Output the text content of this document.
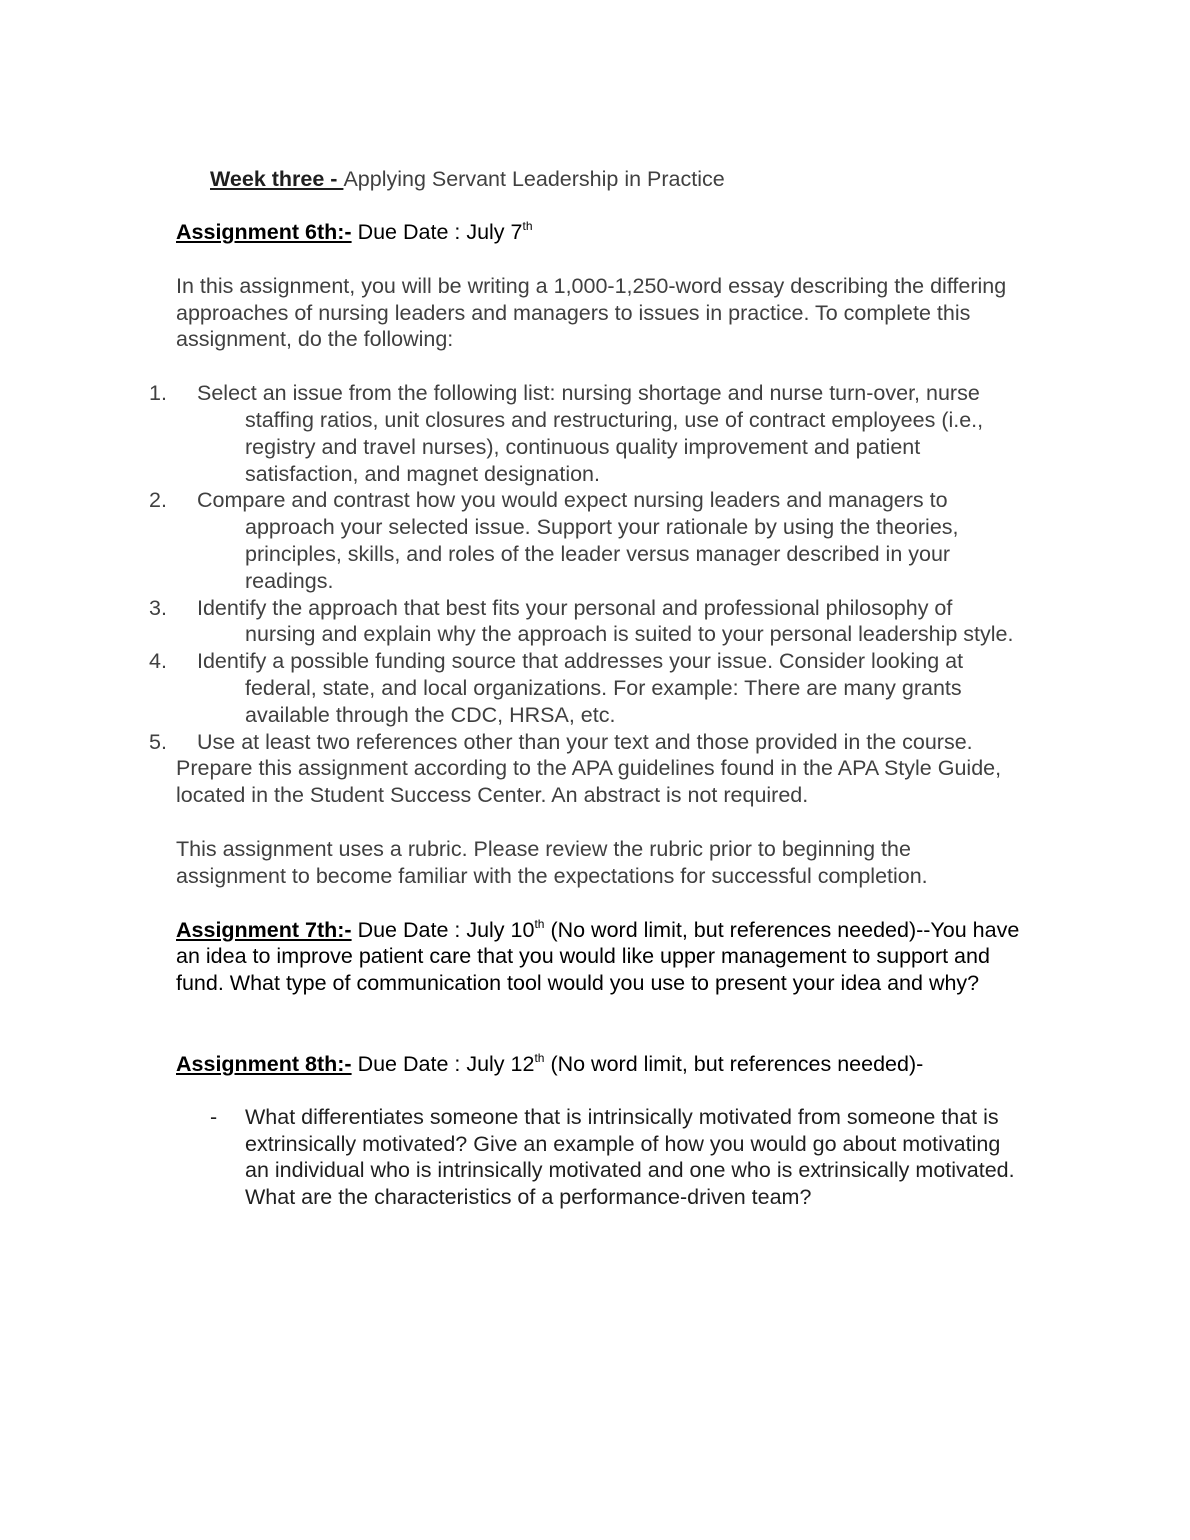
Week three - Applying Servant Leadership in Practice
Assignment 6th:- Due Date : July 7th
In this assignment, you will be writing a 1,000-1,250-word essay describing the differing approaches of nursing leaders and managers to issues in practice. To complete this assignment, do the following:
1. Select an issue from the following list: nursing shortage and nurse turn-over, nurse staffing ratios, unit closures and restructuring, use of contract employees (i.e., registry and travel nurses), continuous quality improvement and patient satisfaction, and magnet designation.
2. Compare and contrast how you would expect nursing leaders and managers to approach your selected issue. Support your rationale by using the theories, principles, skills, and roles of the leader versus manager described in your readings.
3. Identify the approach that best fits your personal and professional philosophy of nursing and explain why the approach is suited to your personal leadership style.
4. Identify a possible funding source that addresses your issue. Consider looking at federal, state, and local organizations. For example: There are many grants available through the CDC, HRSA, etc.
5. Use at least two references other than your text and those provided in the course.
Prepare this assignment according to the APA guidelines found in the APA Style Guide, located in the Student Success Center. An abstract is not required.
This assignment uses a rubric. Please review the rubric prior to beginning the assignment to become familiar with the expectations for successful completion.
Assignment 7th:- Due Date : July 10th (No word limit, but references needed)--You have an idea to improve patient care that you would like upper management to support and fund. What type of communication tool would you use to present your idea and why?
Assignment 8th:- Due Date : July 12th (No word limit, but references needed)-
- What differentiates someone that is intrinsically motivated from someone that is extrinsically motivated? Give an example of how you would go about motivating an individual who is intrinsically motivated and one who is extrinsically motivated. What are the characteristics of a performance-driven team?
